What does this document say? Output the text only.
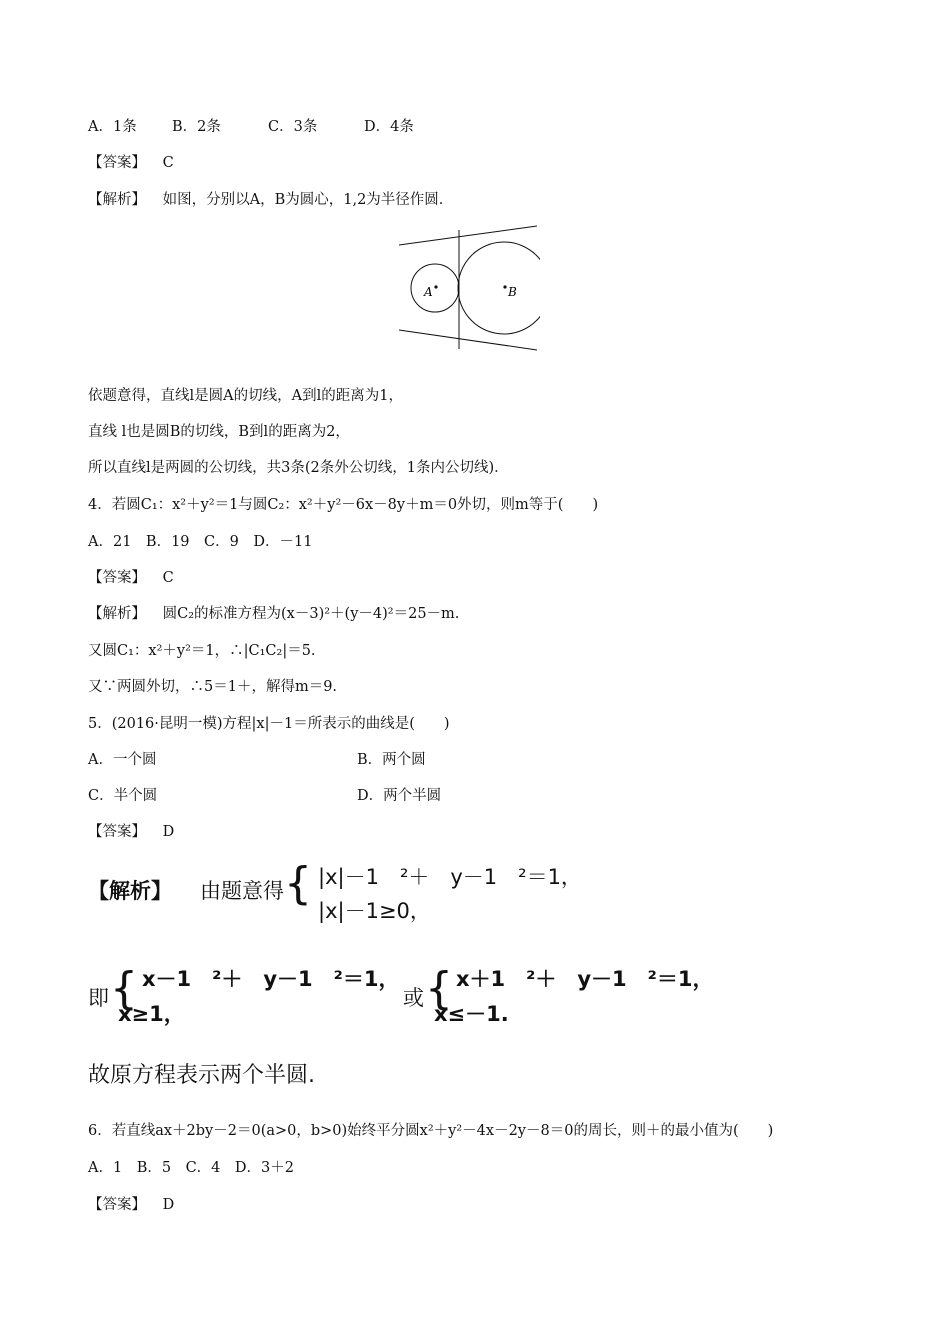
A．1条 B．2条	C．3条	D．4条
【答案】 C
【解析】 如图，分别以A，B为圆心，1,2为半径作圆．
A	B
依题意得，直线l是圆A的切线，A到l的距离为1，
直线 l也是圆B的切线，B到l的距离为2，
所以直线l是两圆的公切线，共3条(2条外公切线，1条内公切线)．
4．若圆C₁：x²＋y²＝1与圆C₂：x²＋y²－6x－8y＋m＝0外切，则m等于(　　)
A．21　B．19　C．9　D．－11
【答案】 C
【解析】 圆C₂的标准方程为(x－3)²＋(y－4)²＝25－m.
又圆C₁：x²＋y²＝1，∴|C₁C₂|＝5.
又∵两圆外切，∴5＝1＋，解得m＝9.
5．(2016·昆明一模)方程|x|－1＝所表示的曲线是(　　)
A．一个圆	B．两个圆
C．半个圆	D．两个半圆
【答案】 D
【解析】 由题意得 { |x|－1　²＋　y－1　²＝1，
|x|－1≥0，
即 { x－1　²＋　y－1　²＝1，
x≥1，
或 { x＋1　²＋　y－1　²＝1，
x≤－1.
故原方程表示两个半圆.
6．若直线ax＋2by－2＝0(a>0，b>0)始终平分圆x²＋y²－4x－2y－8＝0的周长，则＋的最小值为(　　)
A．1　B．5　C．4　D．3＋2
【答案】 D
